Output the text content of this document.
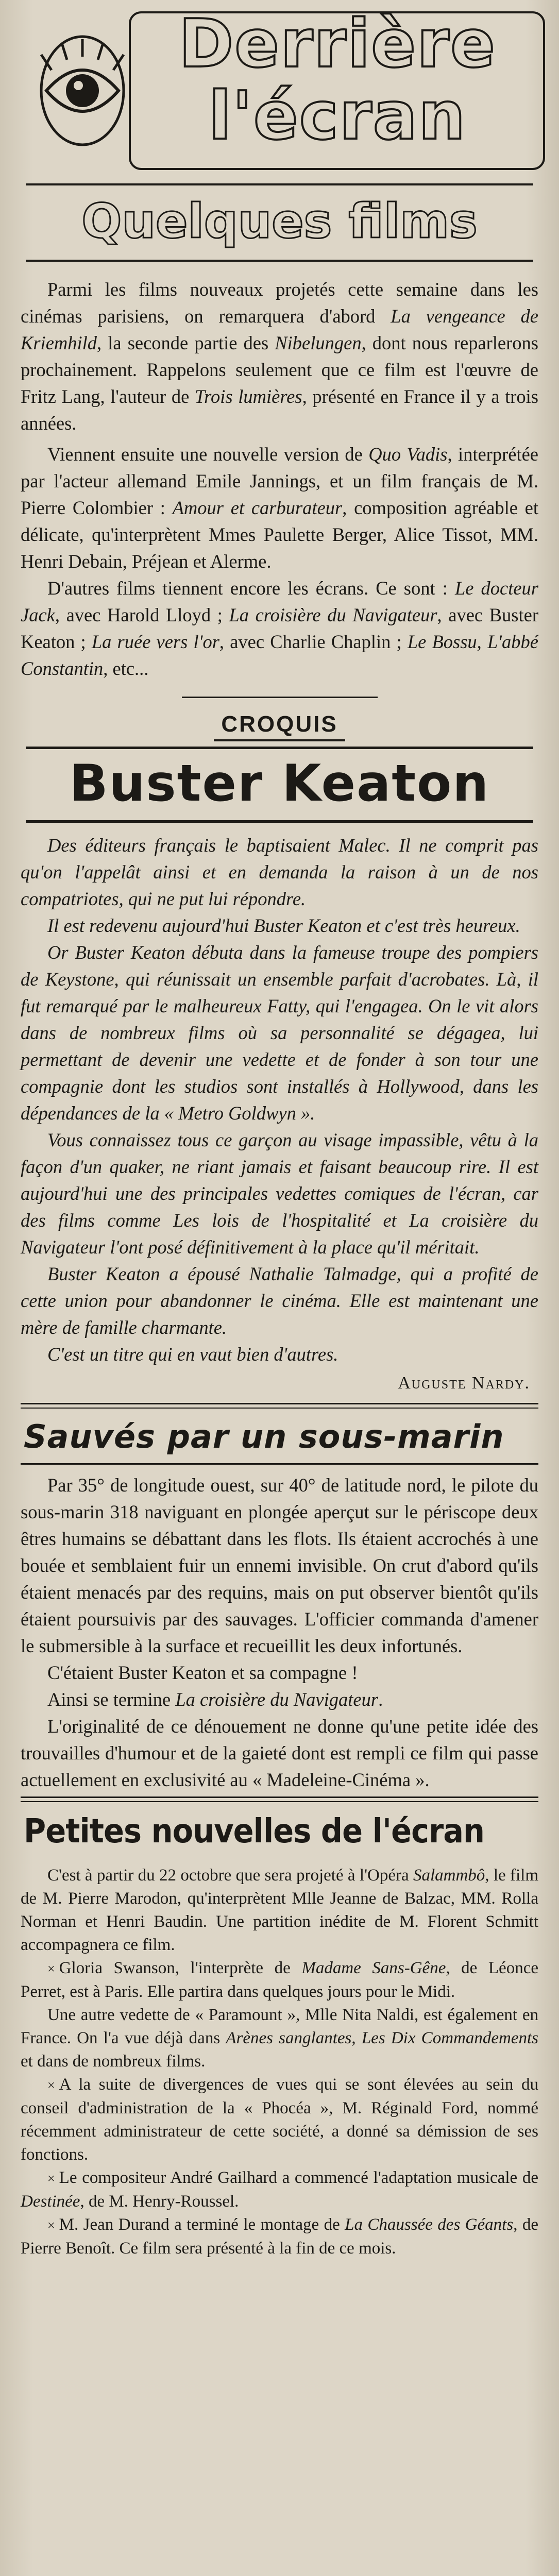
Derrière
l'écran
Quelques films

Parmi les films nouveaux projetés cette semaine dans les cinémas parisiens, on remarquera d'abord La vengeance de Kriemhild, la seconde partie des Nibelungen, dont nous reparlerons prochainement. Rappelons seulement que ce film est l'œuvre de Fritz Lang, l'auteur de Trois lumières, présenté en France il y a trois années.

Viennent ensuite une nouvelle version de Quo Vadis, interprétée par l'acteur allemand Emile Jannings, et un film français de M. Pierre Colombier : Amour et carburateur, composition agréable et délicate, qu'interprètent Mmes Paulette Berger, Alice Tissot, MM. Henri Debain, Préjean et Alerme.

D'autres films tiennent encore les écrans. Ce sont : Le docteur Jack, avec Harold Lloyd ; La croisière du Navigateur, avec Buster Keaton ; La ruée vers l'or, avec Charlie Chaplin ; Le Bossu, L'abbé Constantin, etc...

CROQUIS
Buster Keaton

Des éditeurs français le baptisaient Malec. Il ne comprit pas qu'on l'appelât ainsi et en demanda la raison à un de nos compatriotes, qui ne put lui répondre.

Il est redevenu aujourd'hui Buster Keaton et c'est très heureux.

Or Buster Keaton débuta dans la fameuse troupe des pompiers de Keystone, qui réunissait un ensemble parfait d'acrobates. Là, il fut remarqué par le malheureux Fatty, qui l'engagea. On le vit alors dans de nombreux films où sa personnalité se dégagea, lui permettant de devenir une vedette et de fonder à son tour une compagnie dont les studios sont installés à Hollywood, dans les dépendances de la « Metro Goldwyn ».

Vous connaissez tous ce garçon au visage impassible, vêtu à la façon d'un quaker, ne riant jamais et faisant beaucoup rire. Il est aujourd'hui une des principales vedettes comiques de l'écran, car des films comme Les lois de l'hospitalité et La croisière du Navigateur l'ont posé définitivement à la place qu'il méritait.

Buster Keaton a épousé Nathalie Talmadge, qui a profité de cette union pour abandonner le cinéma. Elle est maintenant une mère de famille charmante.

C'est un titre qui en vaut bien d'autres.

Auguste Nardy.
Sauvés par un sous-marin

Par 35° de longitude ouest, sur 40° de latitude nord, le pilote du sous-marin 318 naviguant en plongée aperçut sur le périscope deux êtres humains se débattant dans les flots. Ils étaient accrochés à une bouée et semblaient fuir un ennemi invisible. On crut d'abord qu'ils étaient menacés par des requins, mais on put observer bientôt qu'ils étaient poursuivis par des sauvages. L'officier commanda d'amener le submersible à la surface et recueillit les deux infortunés.

C'étaient Buster Keaton et sa compagne !

Ainsi se termine La croisière du Navigateur.

L'originalité de ce dénouement ne donne qu'une petite idée des trouvailles d'humour et de la gaieté dont est rempli ce film qui passe actuellement en exclusivité au « Madeleine-Cinéma ».

Petites nouvelles de l'écran

C'est à partir du 22 octobre que sera projeté à l'Opéra Salammbô, le film de M. Pierre Marodon, qu'interprètent Mlle Jeanne de Balzac, MM. Rolla Norman et Henri Baudin. Une partition inédite de M. Florent Schmitt accompagnera ce film.

× Gloria Swanson, l'interprète de Madame Sans-Gêne, de Léonce Perret, est à Paris. Elle partira dans quelques jours pour le Midi.

Une autre vedette de « Paramount », Mlle Nita Naldi, est également en France. On l'a vue déjà dans Arènes sanglantes, Les Dix Commandements et dans de nombreux films.

× A la suite de divergences de vues qui se sont élevées au sein du conseil d'administration de la « Phocéa », M. Réginald Ford, nommé récemment administrateur de cette société, a donné sa démission de ses fonctions.

× Le compositeur André Gailhard a commencé l'adaptation musicale de Destinée, de M. Henry-Roussel.

× M. Jean Durand a terminé le montage de La Chaussée des Géants, de Pierre Benoît. Ce film sera présenté à la fin de ce mois.
